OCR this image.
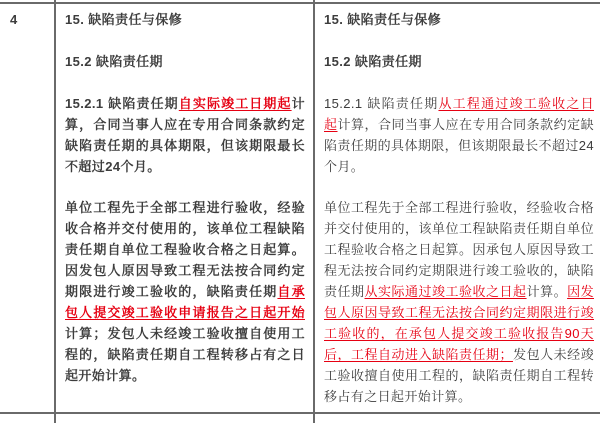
4	15. 缺陷责任与保修
15.2 缺陷责任期

15.2.1 缺陷责任期自实际竣工日期起计算，合同当事人应在专用合同条款约定缺陷责任期的具体期限，但该期限最长不超过24个月。

单位工程先于全部工程进行验收，经验收合格并交付使用的，该单位工程缺陷责任期自单位工程验收合格之日起算。因发包人原因导致工程无法按合同约定期限进行竣工验收的，缺陷责任期自承包人提交竣工验收申请报告之日起开始计算；发包人未经竣工验收擅自使用工程的，缺陷责任期自工程转移占有之日起开始计算。

15. 缺陷责任与保修
15.2 缺陷责任期

15.2.1 缺陷责任期从工程通过竣工验收之日起计算，合同当事人应在专用合同条款约定缺陷责任期的具体期限，但该期限最长不超过24个月。

单位工程先于全部工程进行验收，经验收合格并交付使用的，该单位工程缺陷责任期自单位工程验收合格之日起算。因承包人原因导致工程无法按合同约定期限进行竣工验收的，缺陷责任期从实际通过竣工验收之日起计算。因发包人原因导致工程无法按合同约定期限进行竣工验收的，在承包人提交竣工验收报告90天后，工程自动进入缺陷责任期；发包人未经竣工验收擅自使用工程的，缺陷责任期自工程转移占有之日起开始计算。
